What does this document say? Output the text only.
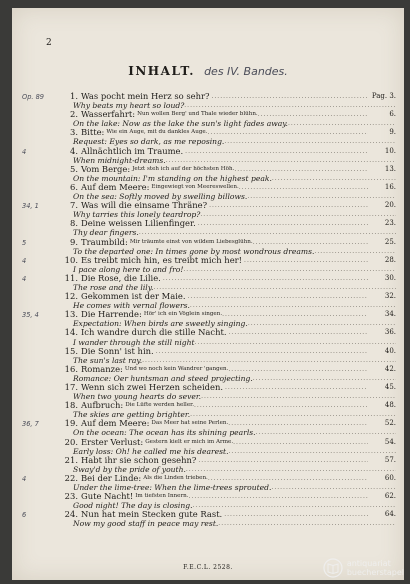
2
INHALT. des IV. Bandes.
Op. 89	1. Was pocht mein Herz so sehr? .....	Pag. 3.
Why beats my heart so loud?
.....
2. Wasserfahrt: Nun wollen Berg' und Thale wieder blühn. .....	6.
On the lake: Now as the lake the sun's light fades away.
.....
3. Bitte: Wie ein Auge, mit du dankles Auge. .....	9.
Request: Eyes so dark, as me reposing.
.....
4	4. Allnächtlich im Traume. .....	10.
When midnight-dreams.
.....
5. Vom Berge: Jetzt steh ich auf der höchsten Höh. .....	13.
On the mountain: I'm standing on the highest peak.
.....
6. Auf dem Meere: Eingewiegt von Meereswellen. .....	16.
On the sea: Softly moved by swelling billows.
.....
34, 1	7. Was will die einsame Thräne? .....	20.
Why tarries this lonely teardrop?
.....
8. Deine weissen Lilienfinger. .....	23.
Thy dear fingers.
.....
5	9. Traumbild: Mir träumte einst von wildem Liebesglühn. .....	25.
To the departed one: In times gone by most wondrous dreams.
.....
4	10. Es treibt mich hin, es treibt mich her! .....	28.
I pace along here to and fro!
.....
4	11. Die Rose, die Lilie. .....	30.
The rose and the lily.
.....
12. Gekommen ist der Maie. .....	32.
He comes with vernal flowers.
.....
35, 4	13. Die Harrende: Hör' ich ein Vöglein singen. .....	34.
Expectation: When birds are sweetly singing.
.....
14. Ich wandre durch die stille Nacht. .....	36.
I wander through the still night
.....
15. Die Sonn' ist hin. .....	40.
The sun's last ray.
.....
16. Romanze: Und wo noch kein Wandrer 'gangen. .....	42.
Romance: Oer huntsman and steed projecting.
.....
17. Wenn sich zwei Herzen scheiden. .....	45.
When two young hearts do sever.
.....
18. Aufbruch: Die Lüfte werden heller. .....	48.
The skies are getting brighter.
.....
36, 7	19. Auf dem Meere: Das Meer hat seine Perlen. .....	52.
On the ocean: The ocean has its shining pearls.
.....
20. Erster Verlust: Gestern kielt er mich im Arme. .....	54.
Early loss: Oh! he called me his dearest.
.....
21. Habt ihr sie schon gesehn? .....	57.
Sway'd by the pride of youth.
.....
4	22. Bei der Linde: Als die Linden trieben. .....	60.
Under the lime-tree: When the lime-trees sprouted.
.....
23. Gute Nacht! Im tiefsten Innern. .....	62.
Good night! The day is closing.
.....
6	24. Nun hat mein Stecken gute Rast. .....	64.
Now my good staff in peace may rest.
.....
F.E.C.L. 2528.	antiquariat
buecherstapel
